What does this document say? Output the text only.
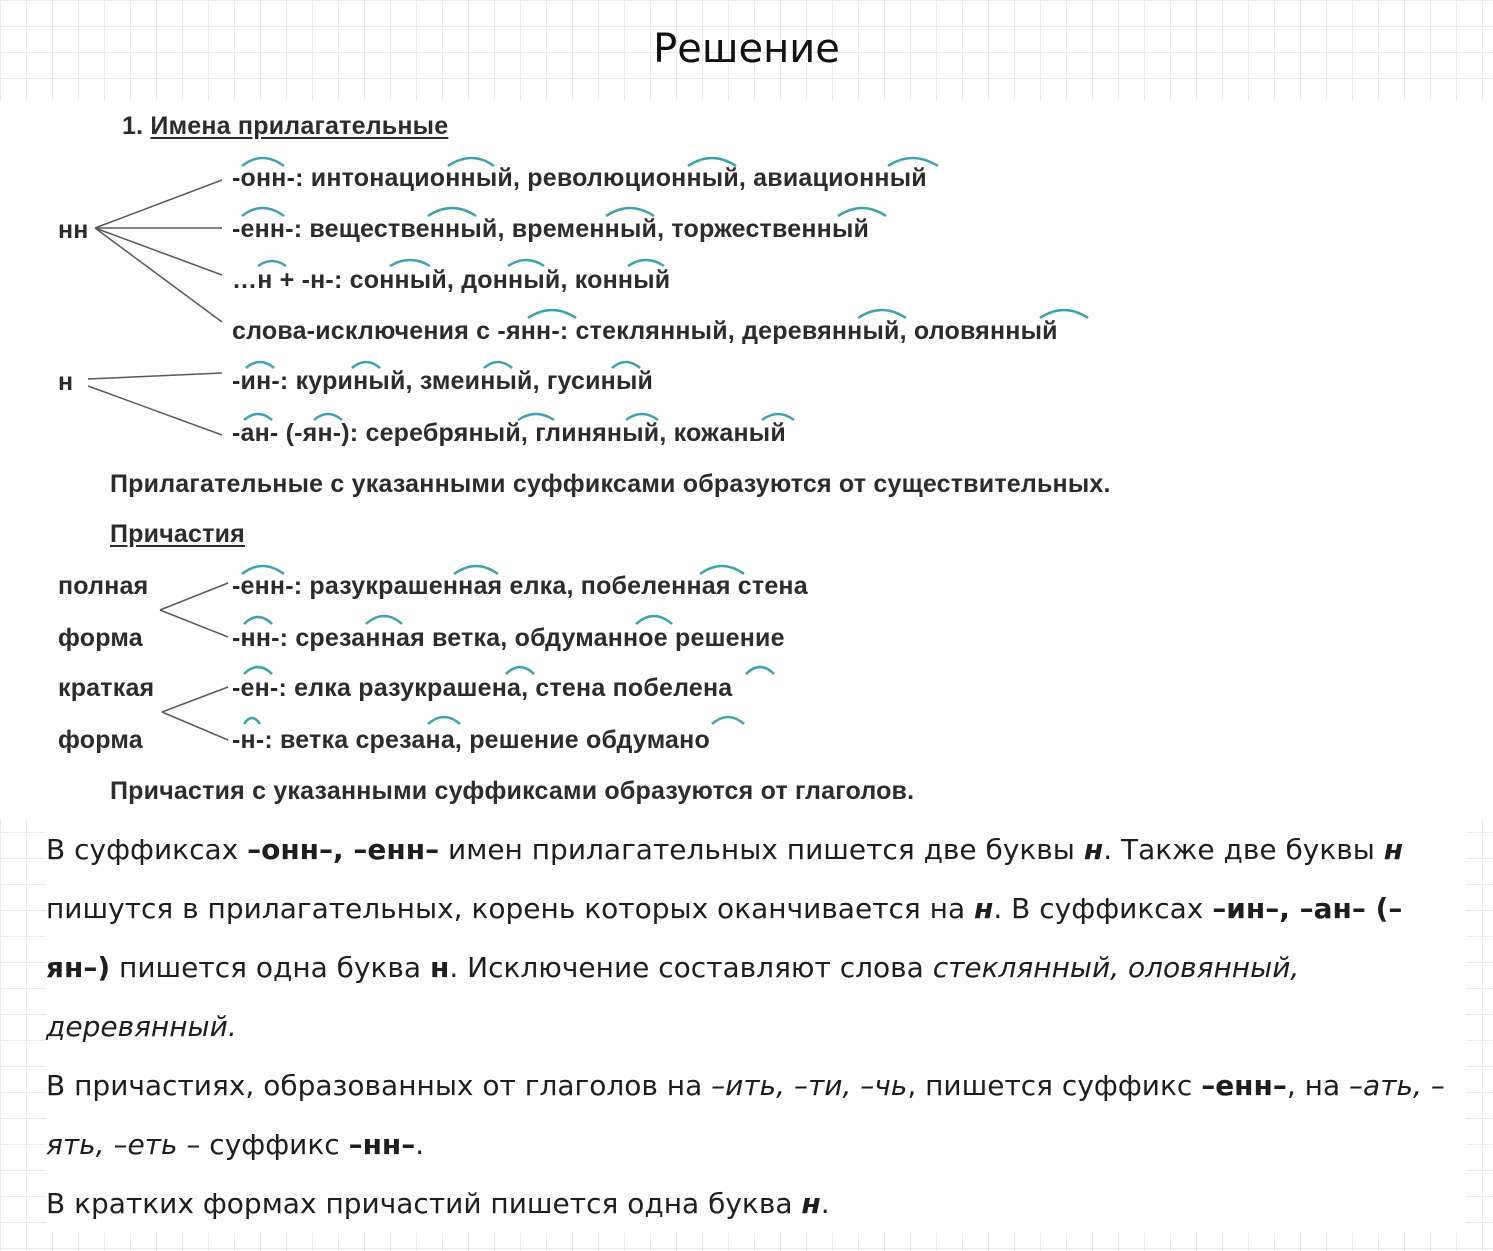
Решение
1. Имена прилагательные
нн
н
-онн-: интонационный, революционный, авиационный
-енн-: вещественный, временный, торжественный
…н + -н-: сонный, донный, конный
слова-исключения с -янн-: стеклянный, деревянный, оловянный
-ин-: куриный, змеиный, гусиный
-ан- (-ян-): серебряный, глиняный, кожаный
Прилагательные с указанными суффиксами образуются от существительных.
Причастия
полная
форма
краткая
форма
-енн-: разукрашенная елка, побеленная стена
-нн-: срезанная ветка, обдуманное решение
-ен-: елка разукрашена, стена побелена
-н-: ветка срезана, решение обдумано
Причастия с указанными суффиксами образуются от глаголов.

В суффиксах –онн–, –енн– имен прилагательных пишется две буквы н. Также две буквы н пишутся в прилагательных, корень которых оканчивается на н. В суффиксах –ин–, –ан– (–ян–) пишется одна буква н. Исключение составляют слова стеклянный, оловянный, деревянный.

В причастиях, образованных от глаголов на –ить, –ти, –чь, пишется суффикс –енн–, на –ать, –ять, –еть – суффикс –нн–.

В кратких формах причастий пишется одна буква н.
